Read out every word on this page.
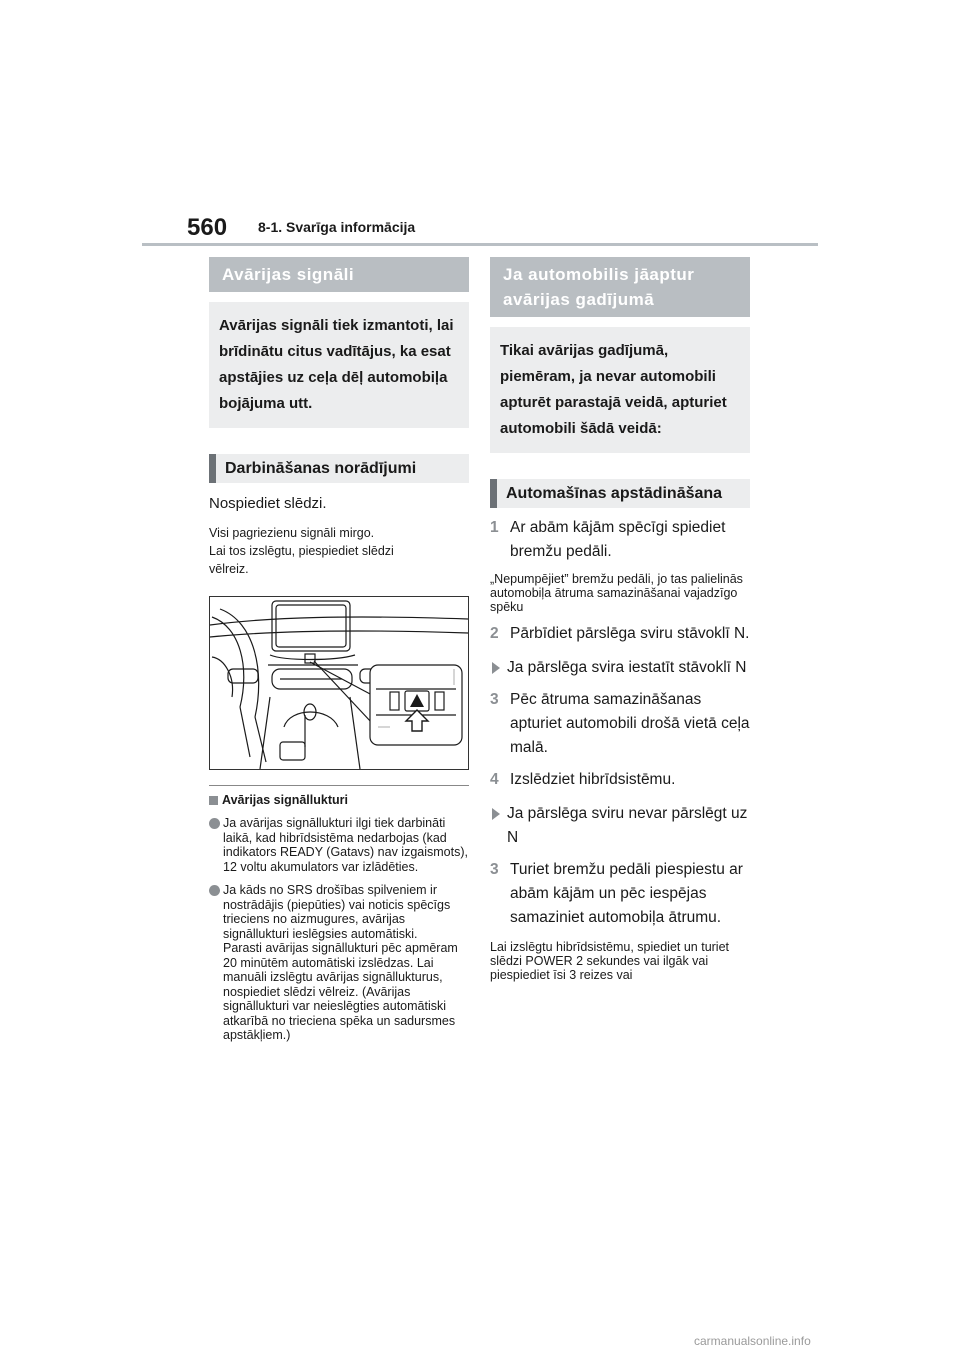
560 8-1. Svarīga informācija
Avārijas signāli
Avārijas signāli tiek izmantoti, lai brīdinātu citus vadītājus, ka esat apstājies uz ceļa dēļ automobiļa bojājuma utt.
Darbināšanas norādījumi
Nospiediet slēdzi.

Visi pagriezienu signāli mirgo.

Lai tos izslēgtu, piespiediet slēdzi

vēlreiz.

Avārijas signāllukturi
Ja avārijas signāllukturi ilgi tiek darbināti laikā, kad hibrīdsistēma nedarbojas (kad indikators READY (Gatavs) nav izgaismots), 12 voltu akumulators var izlādēties.
Ja kāds no SRS drošības spilveniem ir nostrādājis (piepūties) vai noticis spēcīgs trieciens no aizmugures, avārijas signāllukturi ieslēgsies automātiski.
Parasti avārijas signāllukturi pēc apmēram 20 minūtēm automātiski izslēdzas. Lai manuāli izslēgtu avārijas signāllukturus, nospiediet slēdzi vēlreiz. (Avārijas signāllukturi var neieslēgties automātiski atkarībā no trieciena spēka un sadursmes apstākļiem.)
Ja automobilis jāaptur avārijas gadījumā
Tikai avārijas gadījumā, piemēram, ja nevar automobili apturēt parastajā veidā, apturiet automobili šādā veidā:
Automašīnas apstādināšana
1 Ar abām kājām spēcīgi spiediet bremžu pedāli.
„Nepumpējiet” bremžu pedāli, jo tas palielinās automobiļa ātruma samazināšanai vajadzīgo spēku
2 Pārbīdiet pārslēga sviru stāvoklī N.
Ja pārslēga svira iestatīt stāvoklī N
3 Pēc ātruma samazināšanas apturiet automobili drošā vietā ceļa malā.
4 Izslēdziet hibrīdsistēmu.
Ja pārslēga sviru nevar pārslēgt uz N
3 Turiet bremžu pedāli piespiestu ar abām kājām un pēc iespējas samaziniet automobiļa ātrumu.
Lai izslēgtu hibrīdsistēmu, spiediet un turiet slēdzi POWER 2 sekundes vai ilgāk vai piespiediet īsi 3 reizes vai
carmanualsonline.info
